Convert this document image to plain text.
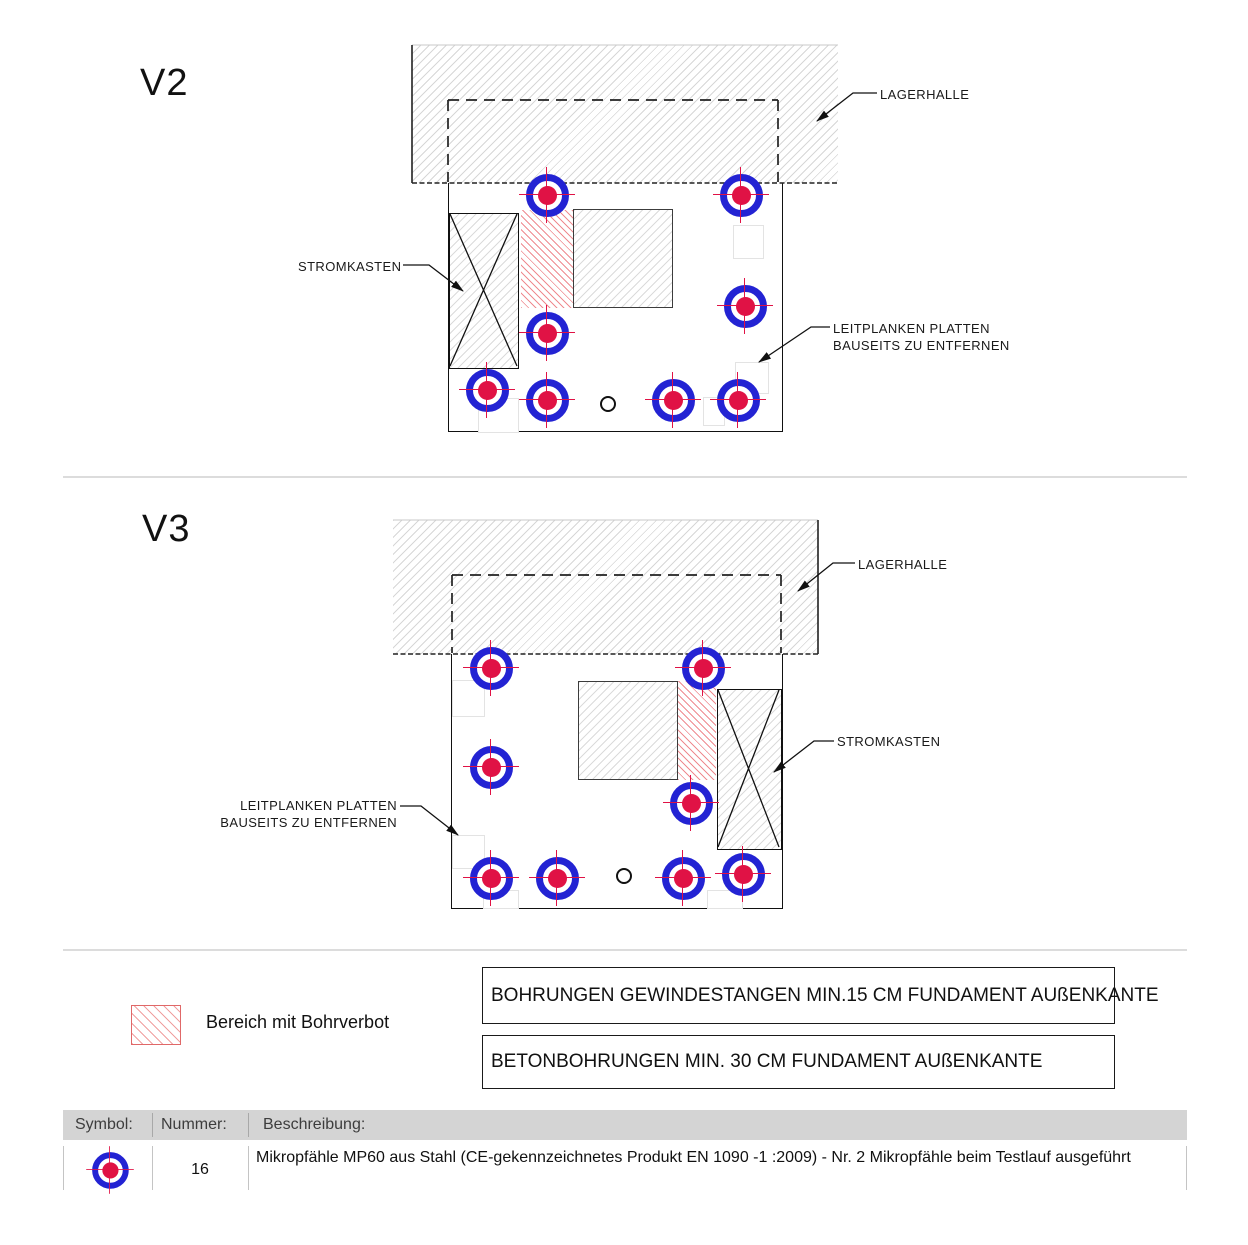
V2
V3
LAGERHALLE
STROMKASTEN
LEITPLANKEN PLATTEN
BAUSEITS ZU ENTFERNEN
LAGERHALLE
STROMKASTEN
LEITPLANKEN PLATTEN
BAUSEITS ZU ENTFERNEN
Bereich mit Bohrverbot
BOHRUNGEN GEWINDESTANGEN MIN.15 CM FUNDAMENT AUßENKANTE
BETONBOHRUNGEN MIN. 30 CM FUNDAMENT AUßENKANTE
Symbol: Nummer: Beschreibung:
16
Mikropfähle MP60 aus Stahl (CE-gekennzeichnetes Produkt EN 1090 -1 :2009) - Nr. 2 Mikropfähle beim Testlauf ausgeführt
